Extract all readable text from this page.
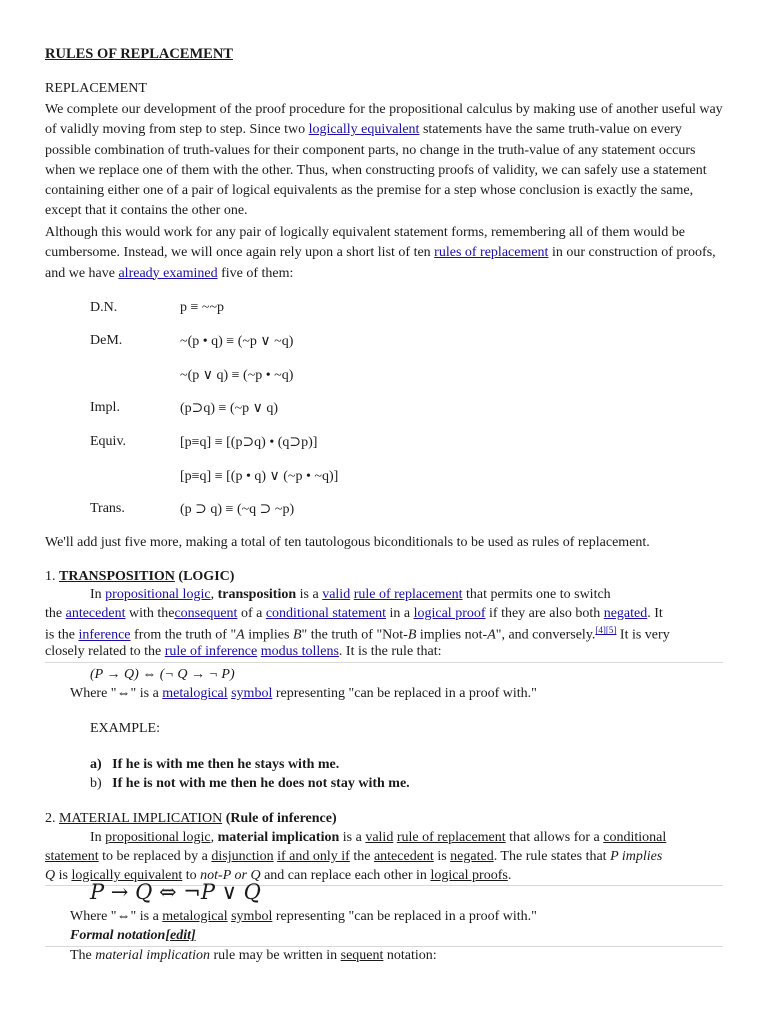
RULES OF REPLACEMENT
REPLACEMENT
We complete our development of the proof procedure for the propositional calculus by making use of another useful way of validly moving from step to step. Since two logically equivalent statements have the same truth-value on every possible combination of truth-values for their component parts, no change in the truth-value of any statement occurs when we replace one of them with the other. Thus, when constructing proofs of validity, we can safely use a statement containing either one of a pair of logical equivalents as the premise for a step whose conclusion is exactly the same, except that it contains the other one.
Although this would work for any pair of logically equivalent statement forms, remembering all of them would be cumbersome. Instead, we will once again rely upon a short list of ten rules of replacement in our construction of proofs, and we have already examined five of them:
D.N.	p ≡ ~~p
DeM.	~(p • q) ≡ (~p ∨ ~q)
~(p ∨ q) ≡ (~p • ~q)
Impl.	(p⊃q) ≡ (~p ∨ q)
Equiv.	[p≡q] ≡ [(p⊃q) • (q⊃p)]
[p≡q] ≡ [(p • q) ∨ (~p • ~q)]
Trans.	(p ⊃ q) ≡ (~q ⊃ ~p)
We'll add just five more, making a total of ten tautologous biconditionals to be used as rules of replacement.
1. TRANSPOSITION (LOGIC)
In propositional logic, transposition is a valid rule of replacement that permits one to switch
the antecedent with theconsequent of a conditional statement in a logical proof if they are also both negated. It
is the inference from the truth of "A implies B" the truth of "Not-B implies not-A", and conversely.[4][5] It is very
closely related to the rule of inference modus tollens. It is the rule that:
(P → Q) ⇔ (¬ Q → ¬ P)
Where "⇔" is a metalogical symbol representing "can be replaced in a proof with."
EXAMPLE:
a) If he is with me then he stays with me.
b) If he is not with me then he does not stay with me.
2. MATERIAL IMPLICATION (Rule of inference)
In propositional logic, material implication is a valid rule of replacement that allows for a conditional
statement to be replaced by a disjunction if and only if the antecedent is negated. The rule states that P implies
Q is logically equivalent to not-P or Q and can replace each other in logical proofs.
P → Q ⇔ ¬P ∨ Q
Where "⇔" is a metalogical symbol representing "can be replaced in a proof with."
Formal notation[edit]
The material implication rule may be written in sequent notation:
